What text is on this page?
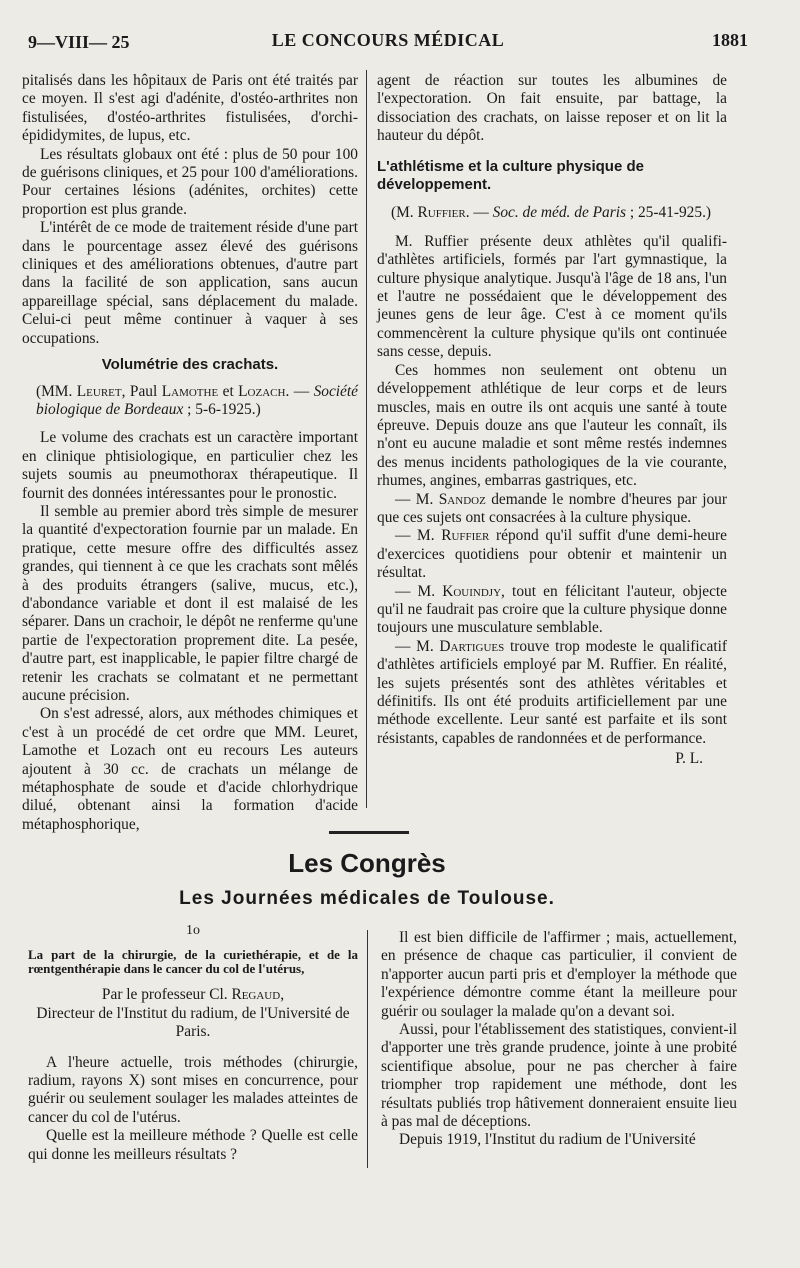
9—VIII— 25	LE CONCOURS MÉDICAL	1881

pitalisés dans les hôpitaux de Paris ont été traités par ce moyen. Il s'est agi d'adénite, d'ostéo-arthrites non fistulisées, d'ostéo-arthrites fistulisées, d'orchi-épididymites, de lupus, etc.

Les résultats globaux ont été : plus de 50 pour 100 de guérisons cliniques, et 25 pour 100 d'améliorations. Pour certaines lésions (adénites, orchites) cette proportion est plus grande.

L'intérêt de ce mode de traitement réside d'une part dans le pourcentage assez élevé des guérisons cliniques et des améliorations obtenues, d'autre part dans la facilité de son application, sans aucun appareillage spécial, sans déplacement du malade. Celui-ci peut même continuer à vaquer à ses occupations.

Volumétrie des crachats.

(MM. Leuret, Paul Lamothe et Lozach. — Société biologique de Bordeaux ; 5-6-1925.)

Le volume des crachats est un caractère important en clinique phtisiologique, en particulier chez les sujets soumis au pneumothorax thérapeutique. Il fournit des données intéressantes pour le pronostic.

Il semble au premier abord très simple de mesurer la quantité d'expectoration fournie par un malade. En pratique, cette mesure offre des difficultés assez grandes, qui tiennent à ce que les crachats sont mêlés à des produits étrangers (salive, mucus, etc.), d'abondance variable et dont il est malaisé de les séparer. Dans un crachoir, le dépôt ne renferme qu'une partie de l'expectoration proprement dite. La pesée, d'autre part, est inapplicable, le papier filtre chargé de retenir les crachats se colmatant et ne permettant aucune précision.

On s'est adressé, alors, aux méthodes chimiques et c'est à un procédé de cet ordre que MM. Leuret, Lamothe et Lozach ont eu recours Les auteurs ajoutent à 30 cc. de crachats un mélange de métaphosphate de soude et d'acide chlorhydrique dilué, obtenant ainsi la formation d'acide métaphosphorique,

agent de réaction sur toutes les albumines de l'expectoration. On fait ensuite, par battage, la dissociation des crachats, on laisse reposer et on lit la hauteur du dépôt.

L'athlétisme et la culture physique de développement.

(M. Ruffier. — Soc. de méd. de Paris ; 25-41-925.)

M. Ruffier présente deux athlètes qu'il qualifi- d'athlètes artificiels, formés par l'art gymnastique, la culture physique analytique. Jusqu'à l'âge de 18 ans, l'un et l'autre ne possédaient que le développement des jeunes gens de leur âge. C'est à ce moment qu'ils commencèrent la culture physique qu'ils ont continuée sans cesse, depuis.

Ces hommes non seulement ont obtenu un développement athlétique de leur corps et de leurs muscles, mais en outre ils ont acquis une santé à toute épreuve. Depuis douze ans que l'auteur les connaît, ils n'ont eu aucune maladie et sont même restés indemnes des menus incidents pathologiques de la vie courante, rhumes, angines, embarras gastriques, etc.

— M. Sandoz demande le nombre d'heures par jour que ces sujets ont consacrées à la culture physique.

— M. Ruffier répond qu'il suffit d'une demi-heure d'exercices quotidiens pour obtenir et maintenir un résultat.

— M. Kouindjy, tout en félicitant l'auteur, objecte qu'il ne faudrait pas croire que la culture physique donne toujours une musculature semblable.

— M. Dartigues trouve trop modeste le qualificatif d'athlètes artificiels employé par M. Ruffier. En réalité, les sujets présentés sont des athlètes véritables et définitifs. Ils ont été produits artificiellement par une méthode excellente. Leur santé est parfaite et ils sont résistants, capables de randonnées et de performance.

P. L.

Les Congrès
Les Journées médicales de Toulouse.

1o

La part de la chirurgie, de la curiethérapie, et de la rœntgenthérapie dans le cancer du col de l'utérus,

Par le professeur Cl. Regaud,

Directeur de l'Institut du radium, de l'Université de Paris.

A l'heure actuelle, trois méthodes (chirurgie, radium, rayons X) sont mises en concurrence, pour guérir ou seulement soulager les malades atteintes de cancer du col de l'utérus.

Quelle est la meilleure méthode ? Quelle est celle qui donne les meilleurs résultats ?

Il est bien difficile de l'affirmer ; mais, actuellement, en présence de chaque cas particulier, il convient de n'apporter aucun parti pris et d'employer la méthode que l'expérience démontre comme étant la meilleure pour guérir ou soulager la malade qu'on a devant soi.

Aussi, pour l'établissement des statistiques, convient-il d'apporter une très grande prudence, jointe à une probité scientifique absolue, pour ne pas chercher à faire triompher trop rapidement une méthode, dont les résultats publiés trop hâtivement donneraient ensuite lieu à pas mal de déceptions.

Depuis 1919, l'Institut du radium de l'Université
